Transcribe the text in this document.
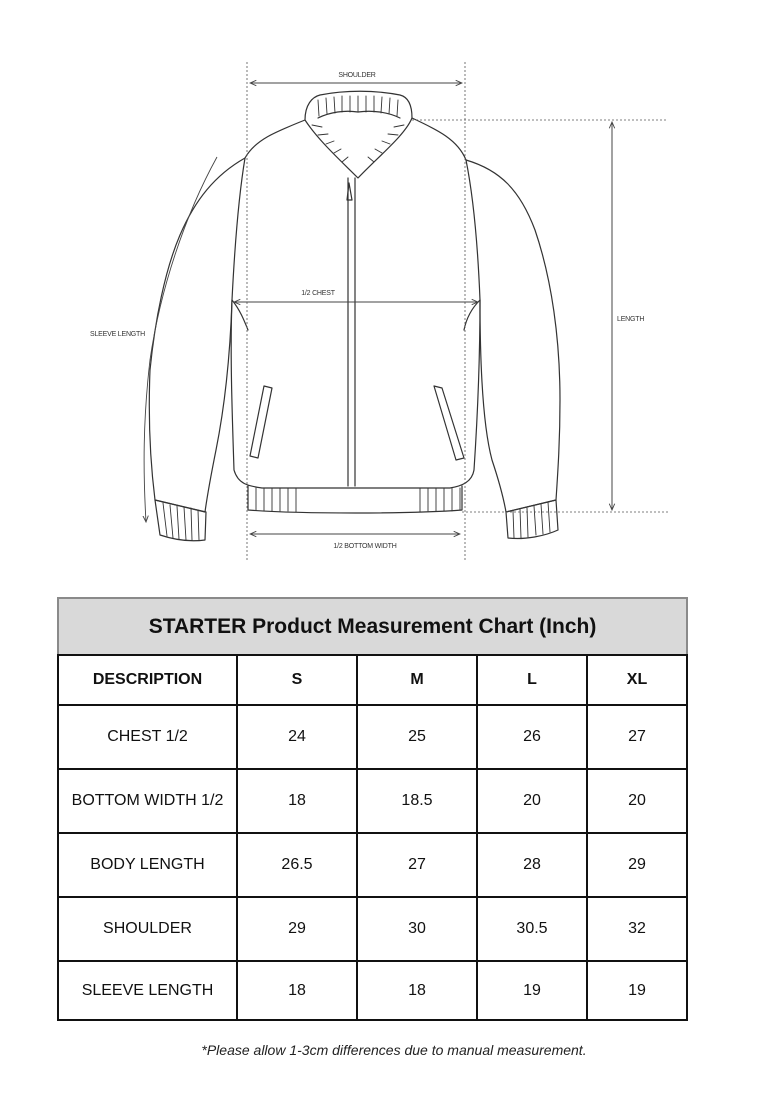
SHOULDER
1/2 CHEST
SLEEVE LENGTH
LENGTH
1/2 BOTTOM WIDTH
STARTER Product Measurement Chart (Inch)				
DESCRIPTION	S	M	L	XL
CHEST 1/2	24	25	26	27
BOTTOM WIDTH 1/2	18	18.5	20	20
BODY LENGTH	26.5	27	28	29
SHOULDER	29	30	30.5	32
SLEEVE LENGTH	18	18	19	19
*Please allow 1-3cm differences due to manual measurement.
